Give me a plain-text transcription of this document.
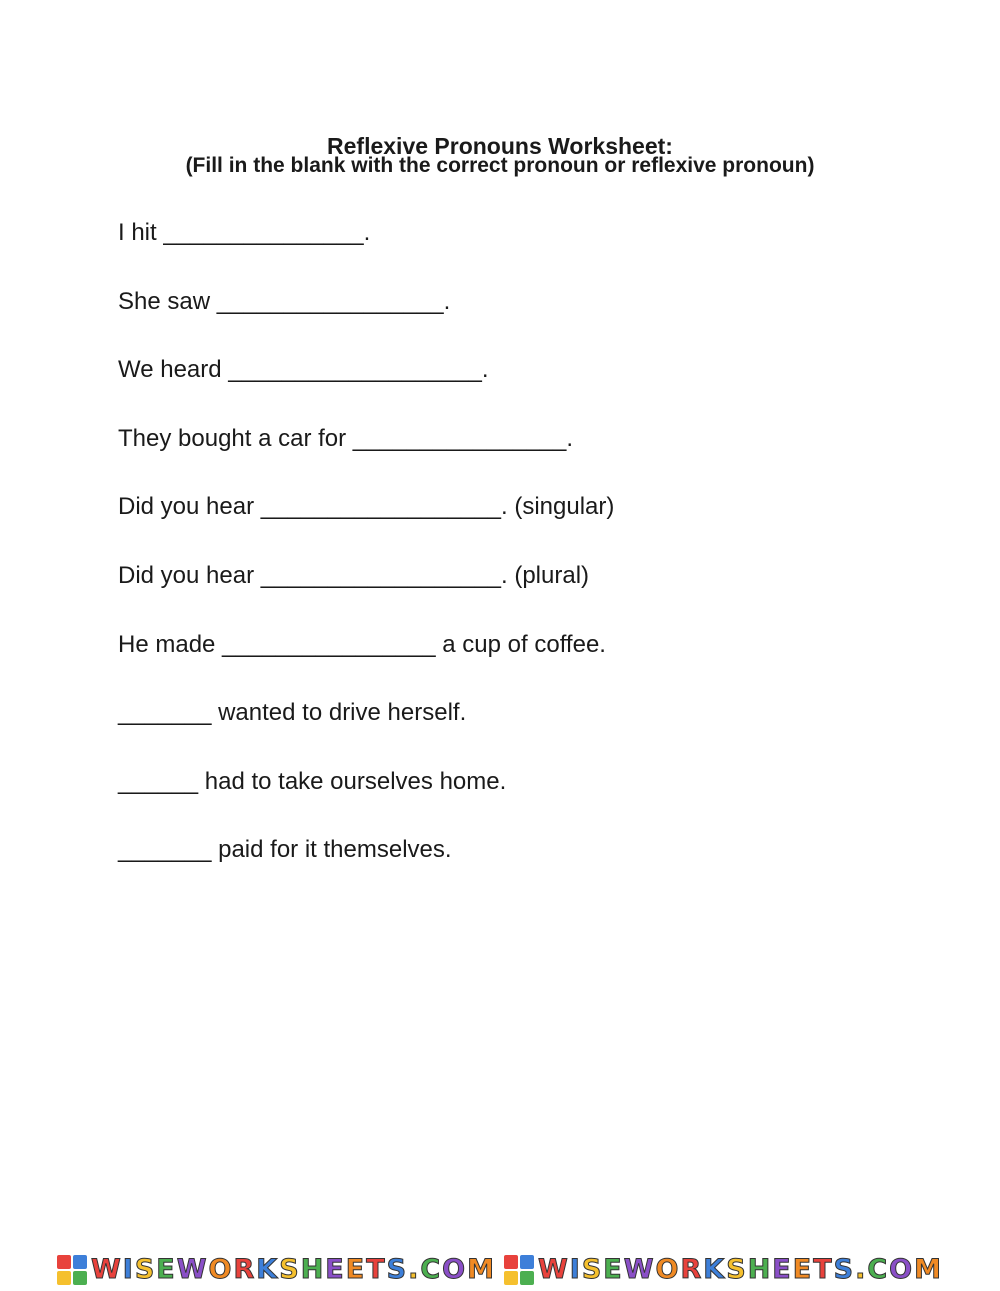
Reflexive Pronouns Worksheet:
(Fill in the blank with the correct pronoun or reflexive pronoun)
I hit _______________.
She saw _________________.
We heard ___________________.
They bought a car for ________________.
Did you hear __________________. (singular)
Did you hear __________________. (plural)
He made ________________ a cup of coffee.
_______ wanted to drive herself.
______ had to take ourselves home.
_______ paid for it themselves.
WISEWORKSHEETS.COM WISEWORKSHEETS.COM
